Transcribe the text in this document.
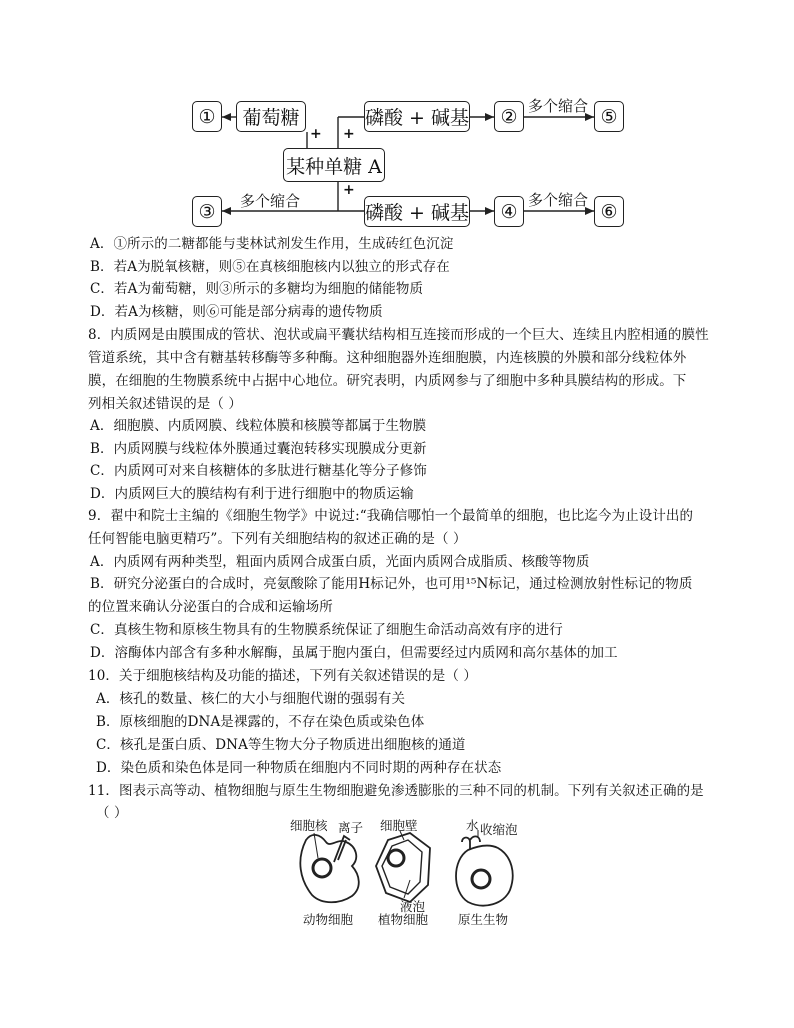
①	葡萄糖	磷酸 + 碱基	②	⑤
某种单糖 A
③	磷酸 + 碱基	④	⑥
多个缩合
多个缩合	多个缩合
+ +
+
A．①所示的二糖都能与斐林试剂发生作用，生成砖红色沉淀
B．若A为脱氧核糖，则⑤在真核细胞核内以独立的形式存在
C．若A为葡萄糖，则③所示的多糖均为细胞的储能物质
D．若A为核糖，则⑥可能是部分病毒的遗传物质
8．内质网是由膜围成的管状、泡状或扁平囊状结构相互连接而形成的一个巨大、连续且内腔相通的膜性
管道系统，其中含有糖基转移酶等多种酶。这种细胞器外连细胞膜，内连核膜的外膜和部分线粒体外
膜，在细胞的生物膜系统中占据中心地位。研究表明，内质网参与了细胞中多种具膜结构的形成。下
列相关叙述错误的是（ ）
A．细胞膜、内质网膜、线粒体膜和核膜等都属于生物膜
B．内质网膜与线粒体外膜通过囊泡转移实现膜成分更新
C．内质网可对来自核糖体的多肽进行糖基化等分子修饰
D．内质网巨大的膜结构有利于进行细胞中的物质运输
9．翟中和院士主编的《细胞生物学》中说过:“我确信哪怕一个最简单的细胞，也比迄今为止设计出的
任何智能电脑更精巧”。下列有关细胞结构的叙述正确的是（ ）
A．内质网有两种类型，粗面内质网合成蛋白质，光面内质网合成脂质、核酸等物质
B．研究分泌蛋白的合成时，亮氨酸除了能用H标记外，也可用¹⁵N标记，通过检测放射性标记的物质
的位置来确认分泌蛋白的合成和运输场所
C．真核生物和原核生物具有的生物膜系统保证了细胞生命活动高效有序的进行
D．溶酶体内部含有多种水解酶，虽属于胞内蛋白，但需要经过内质网和高尔基体的加工
10．关于细胞核结构及功能的描述，下列有关叙述错误的是（ ）
A．核孔的数量、核仁的大小与细胞代谢的强弱有关
B．原核细胞的DNA是裸露的，不存在染色质或染色体
C．核孔是蛋白质、DNA等生物大分子物质进出细胞核的通道
D．染色质和染色体是同一种物质在细胞内不同时期的两种存在状态
11．图表示高等动、植物细胞与原生生物细胞避免渗透膨胀的三种不同的机制。下列有关叙述正确的是
（ ）
细胞核 离子 细胞壁	水 收缩泡
液泡
动物细胞 植物细胞 原生生物
